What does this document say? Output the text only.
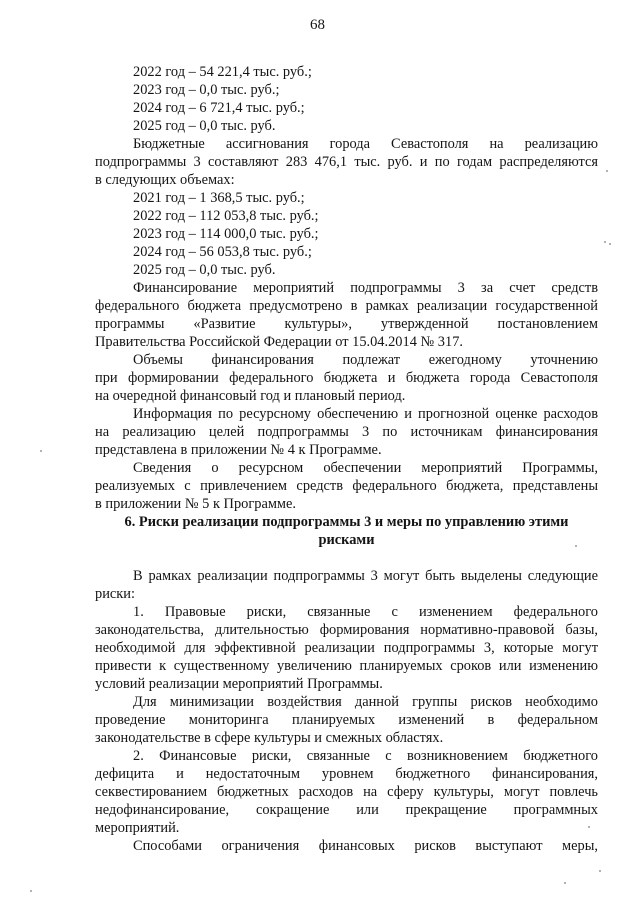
68
2022 год – 54 221,4 тыс. руб.;
2023 год – 0,0 тыс. руб.;
2024 год – 6 721,4 тыс. руб.;
2025 год – 0,0 тыс. руб.
Бюджетные ассигнования города Севастополя на реализацию
подпрограммы 3 составляют 283 476,1 тыс. руб. и по годам распределяются
в следующих объемах:
2021 год – 1 368,5 тыс. руб.;
2022 год – 112 053,8 тыс. руб.;
2023 год – 114 000,0 тыс. руб.;
2024 год – 56 053,8 тыс. руб.;
2025 год – 0,0 тыс. руб.
Финансирование мероприятий подпрограммы 3 за счет средств
федерального бюджета предусмотрено в рамках реализации государственной
программы «Развитие культуры», утвержденной постановлением
Правительства Российской Федерации от 15.04.2014 № 317.
Объемы финансирования подлежат ежегодному уточнению
при формировании федерального бюджета и бюджета города Севастополя
на очередной финансовый год и плановый период.
Информация по ресурсному обеспечению и прогнозной оценке расходов
на реализацию целей подпрограммы 3 по источникам финансирования
представлена в приложении № 4 к Программе.
Сведения о ресурсном обеспечении мероприятий Программы,
реализуемых с привлечением средств федерального бюджета, представлены
в приложении № 5 к Программе.
6. Риски реализации подпрограммы 3 и меры по управлению этими
рисками
В рамках реализации подпрограммы 3 могут быть выделены следующие
риски:
1. Правовые риски, связанные с изменением федерального
законодательства, длительностью формирования нормативно-правовой базы,
необходимой для эффективной реализации подпрограммы 3, которые могут
привести к существенному увеличению планируемых сроков или изменению
условий реализации мероприятий Программы.
Для минимизации воздействия данной группы рисков необходимо
проведение мониторинга планируемых изменений в федеральном
законодательстве в сфере культуры и смежных областях.
2. Финансовые риски, связанные с возникновением бюджетного
дефицита и недостаточным уровнем бюджетного финансирования,
секвестированием бюджетных расходов на сферу культуры, могут повлечь
недофинансирование, сокращение или прекращение программных
мероприятий.
Способами ограничения финансовых рисков выступают меры,
